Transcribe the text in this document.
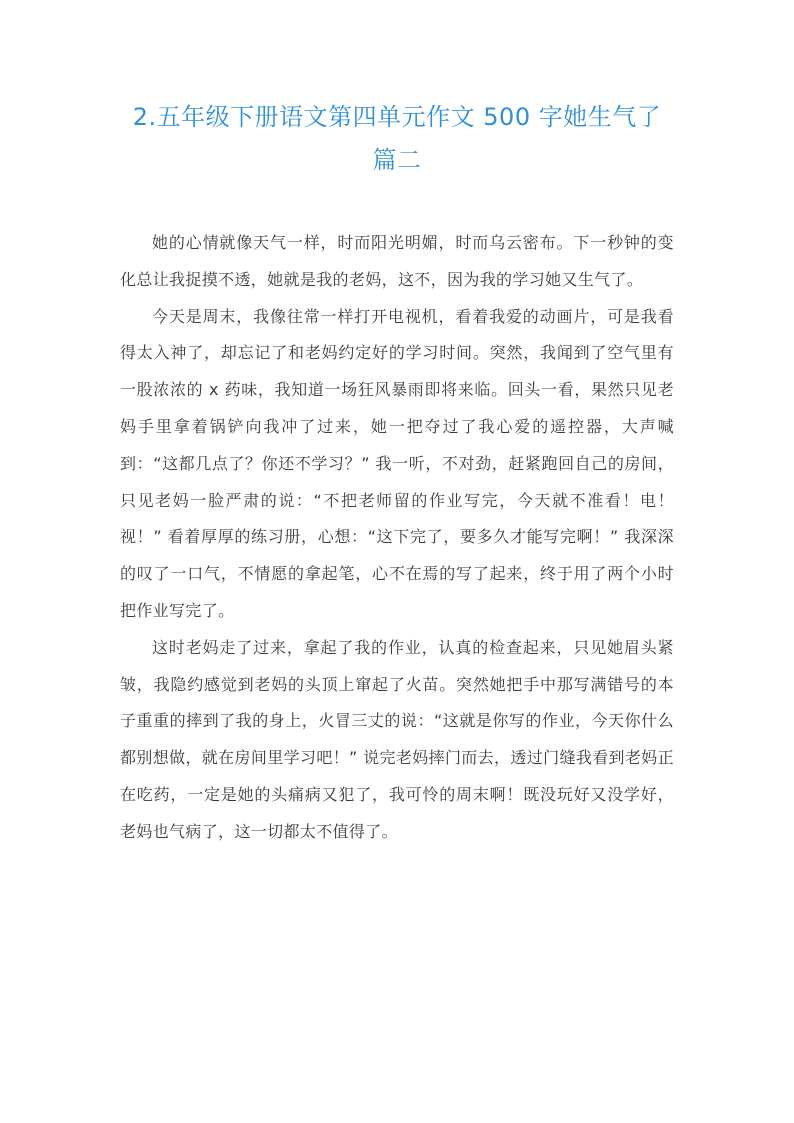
2.五年级下册语文第四单元作文 500 字她生气了 篇二

她的心情就像天气一样，时而阳光明媚，时而乌云密布。下一秒钟的变化总让我捉摸不透，她就是我的老妈，这不，因为我的学习她又生气了。

今天是周末，我像往常一样打开电视机，看着我爱的动画片，可是我看得太入神了，却忘记了和老妈约定好的学习时间。突然，我闻到了空气里有一股浓浓的 x 药味，我知道一场狂风暴雨即将来临。回头一看，果然只见老妈手里拿着锅铲向我冲了过来，她一把夺过了我心爱的遥控器，大声喊到：“这都几点了？你还不学习？” 我一听，不对劲，赶紧跑回自己的房间，只见老妈一脸严肃的说：“不把老师留的作业写完，今天就不准看！电！视！” 看着厚厚的练习册，心想：“这下完了，要多久才能写完啊！” 我深深的叹了一口气，不情愿的拿起笔，心不在焉的写了起来，终于用了两个小时把作业写完了。

这时老妈走了过来，拿起了我的作业，认真的检查起来，只见她眉头紧皱，我隐约感觉到老妈的头顶上窜起了火苗。突然她把手中那写满错号的本子重重的摔到了我的身上，火冒三丈的说：“这就是你写的作业，今天你什么都别想做，就在房间里学习吧！” 说完老妈摔门而去，透过门缝我看到老妈正在吃药，一定是她的头痛病又犯了，我可怜的周末啊！既没玩好又没学好，老妈也气病了，这一切都太不值得了。
